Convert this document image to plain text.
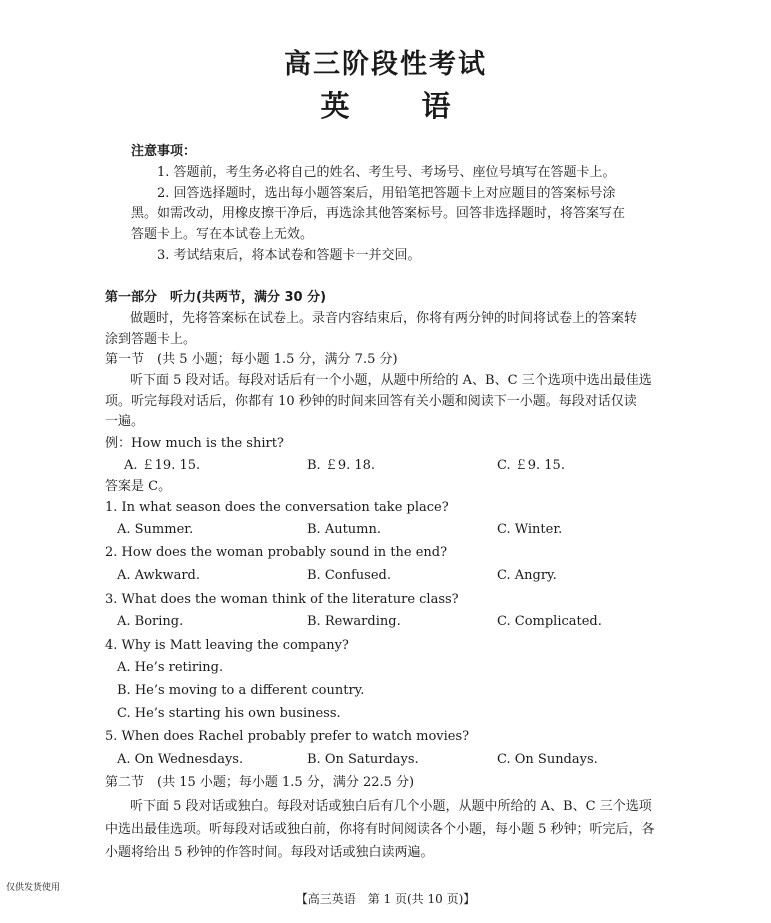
高三阶段性考试
英语
注意事项：
1. 答题前，考生务必将自己的姓名、考生号、考场号、座位号填写在答题卡上。
2. 回答选择题时，选出每小题答案后，用铅笔把答题卡上对应题目的答案标号涂
黑。如需改动，用橡皮擦干净后，再选涂其他答案标号。回答非选择题时，将答案写在
答题卡上。写在本试卷上无效。
3. 考试结束后，将本试卷和答题卡一并交回。
第一部分　听力(共两节，满分 30 分)
做题时，先将答案标在试卷上。录音内容结束后，你将有两分钟的时间将试卷上的答案转
涂到答题卡上。
第一节　(共 5 小题；每小题 1.5 分，满分 7.5 分)
听下面 5 段对话。每段对话后有一个小题，从题中所给的 A、B、C 三个选项中选出最佳选
项。听完每段对话后，你都有 10 秒钟的时间来回答有关小题和阅读下一小题。每段对话仅读
一遍。
例：How much is the shirt?
A. ￡19. 15.	B. ￡9. 18.	C. ￡9. 15.
答案是 C。
1. In what season does the conversation take place?
A. Summer.	B. Autumn.	C. Winter.
2. How does the woman probably sound in the end?
A. Awkward.	B. Confused.	C. Angry.
3. What does the woman think of the literature class?
A. Boring.	B. Rewarding.	C. Complicated.
4. Why is Matt leaving the company?
A. He’s retiring.
B. He’s moving to a different country.
C. He’s starting his own business.
5. When does Rachel probably prefer to watch movies?
A. On Wednesdays.	B. On Saturdays.	C. On Sundays.
第二节　(共 15 小题；每小题 1.5 分，满分 22.5 分)
听下面 5 段对话或独白。每段对话或独白后有几个小题，从题中所给的 A、B、C 三个选项
中选出最佳选项。听每段对话或独白前，你将有时间阅读各个小题，每小题 5 秒钟；听完后，各
小题将给出 5 秒钟的作答时间。每段对话或独白读两遍。
仅供发货使用
【高三英语　第 1 页(共 10 页)】
